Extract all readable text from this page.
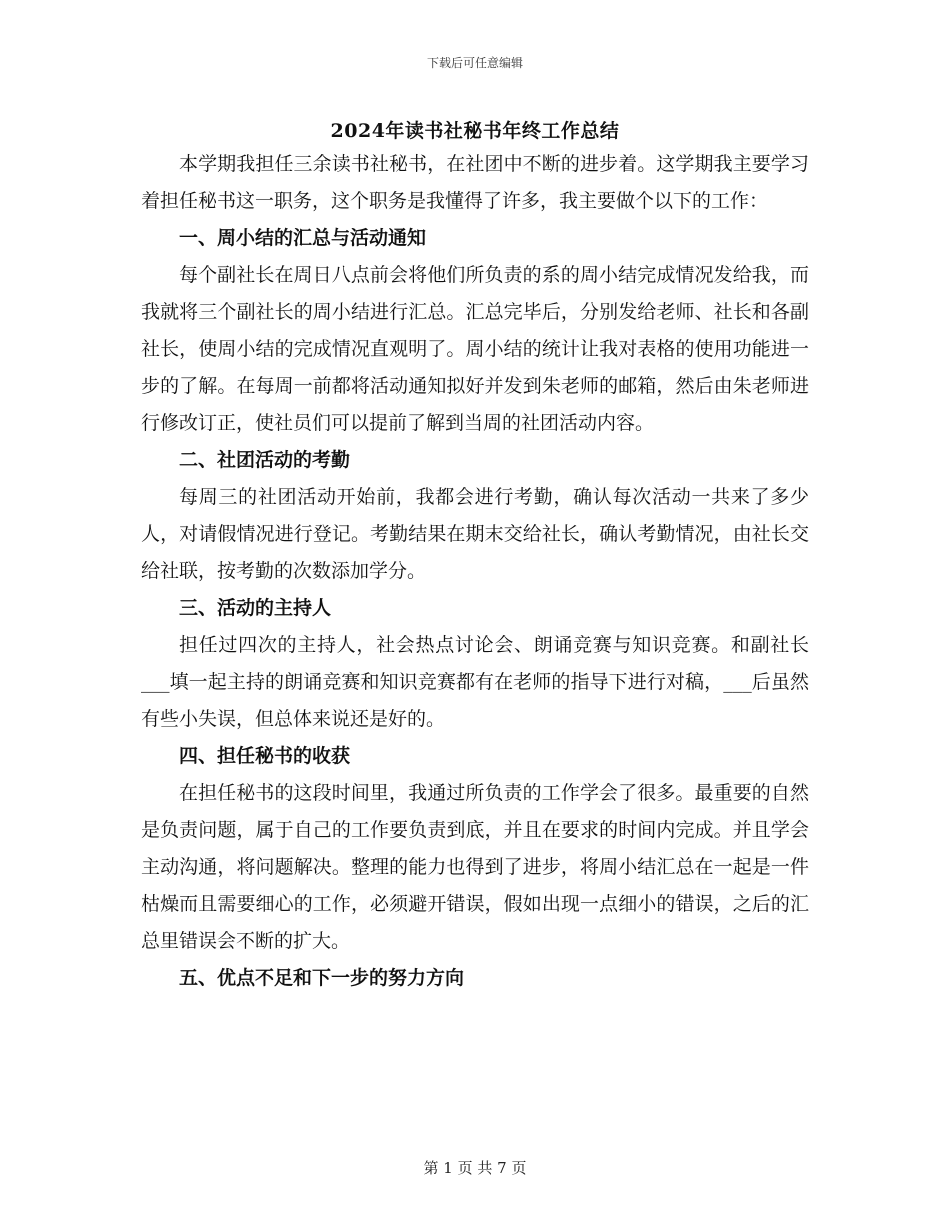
下载后可任意编辑
2024年读书社秘书年终工作总结

本学期我担任三余读书社秘书，在社团中不断的进步着。这学期我主要学习着担任秘书这一职务，这个职务是我懂得了许多，我主要做个以下的工作：

一、周小结的汇总与活动通知

每个副社长在周日八点前会将他们所负责的系的周小结完成情况发给我，而我就将三个副社长的周小结进行汇总。汇总完毕后，分别发给老师、社长和各副社长，使周小结的完成情况直观明了。周小结的统计让我对表格的使用功能进一步的了解。在每周一前都将活动通知拟好并发到朱老师的邮箱，然后由朱老师进行修改订正，使社员们可以提前了解到当周的社团活动内容。

二、社团活动的考勤

每周三的社团活动开始前，我都会进行考勤，确认每次活动一共来了多少人，对请假情况进行登记。考勤结果在期末交给社长，确认考勤情况，由社长交给社联，按考勤的次数添加学分。

三、活动的主持人

担任过四次的主持人，社会热点讨论会、朗诵竞赛与知识竞赛。和副社长___填一起主持的朗诵竞赛和知识竞赛都有在老师的指导下进行对稿，___后虽然有些小失误，但总体来说还是好的。

四、担任秘书的收获

在担任秘书的这段时间里，我通过所负责的工作学会了很多。最重要的自然是负责问题，属于自己的工作要负责到底，并且在要求的时间内完成。并且学会主动沟通，将问题解决。整理的能力也得到了进步，将周小结汇总在一起是一件枯燥而且需要细心的工作，必须避开错误，假如出现一点细小的错误，之后的汇总里错误会不断的扩大。

五、优点不足和下一步的努力方向
第 1 页 共 7 页
